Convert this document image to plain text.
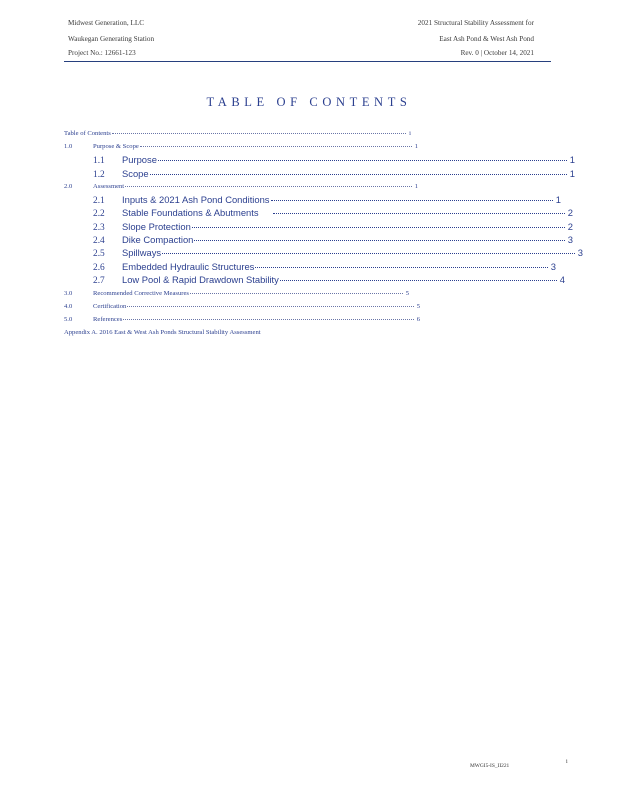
Midwest Generation, LLC
Waukegan Generating Station
Project No.: 12661-123
2021 Structural Stability Assessment for
East Ash Pond & West Ash Pond
Rev. 0 | October 14, 2021
TABLE OF CONTENTS
Table of Contents	i
1.0	Purpose & Scope	1
1.1	Purpose	1
1.2	Scope	1
2.0	Assessment	1
2.1	Inputs & 2021 Ash Pond Conditions	1
2.2	Stable Foundations & Abutments	2
2.3	Slope Protection	2
2.4	Dike Compaction	3
2.5	Spillways	3
2.6	Embedded Hydraulic Structures	3
2.7	Low Pool & Rapid Drawdown Stability	4
3.0	Recommended Corrective Measures	5
4.0	Certification	5
5.0	References	6
Appendix A. 2016 East & West Ash Ponds Structural Stability Assessment
MWGI5-IS_II221
i
